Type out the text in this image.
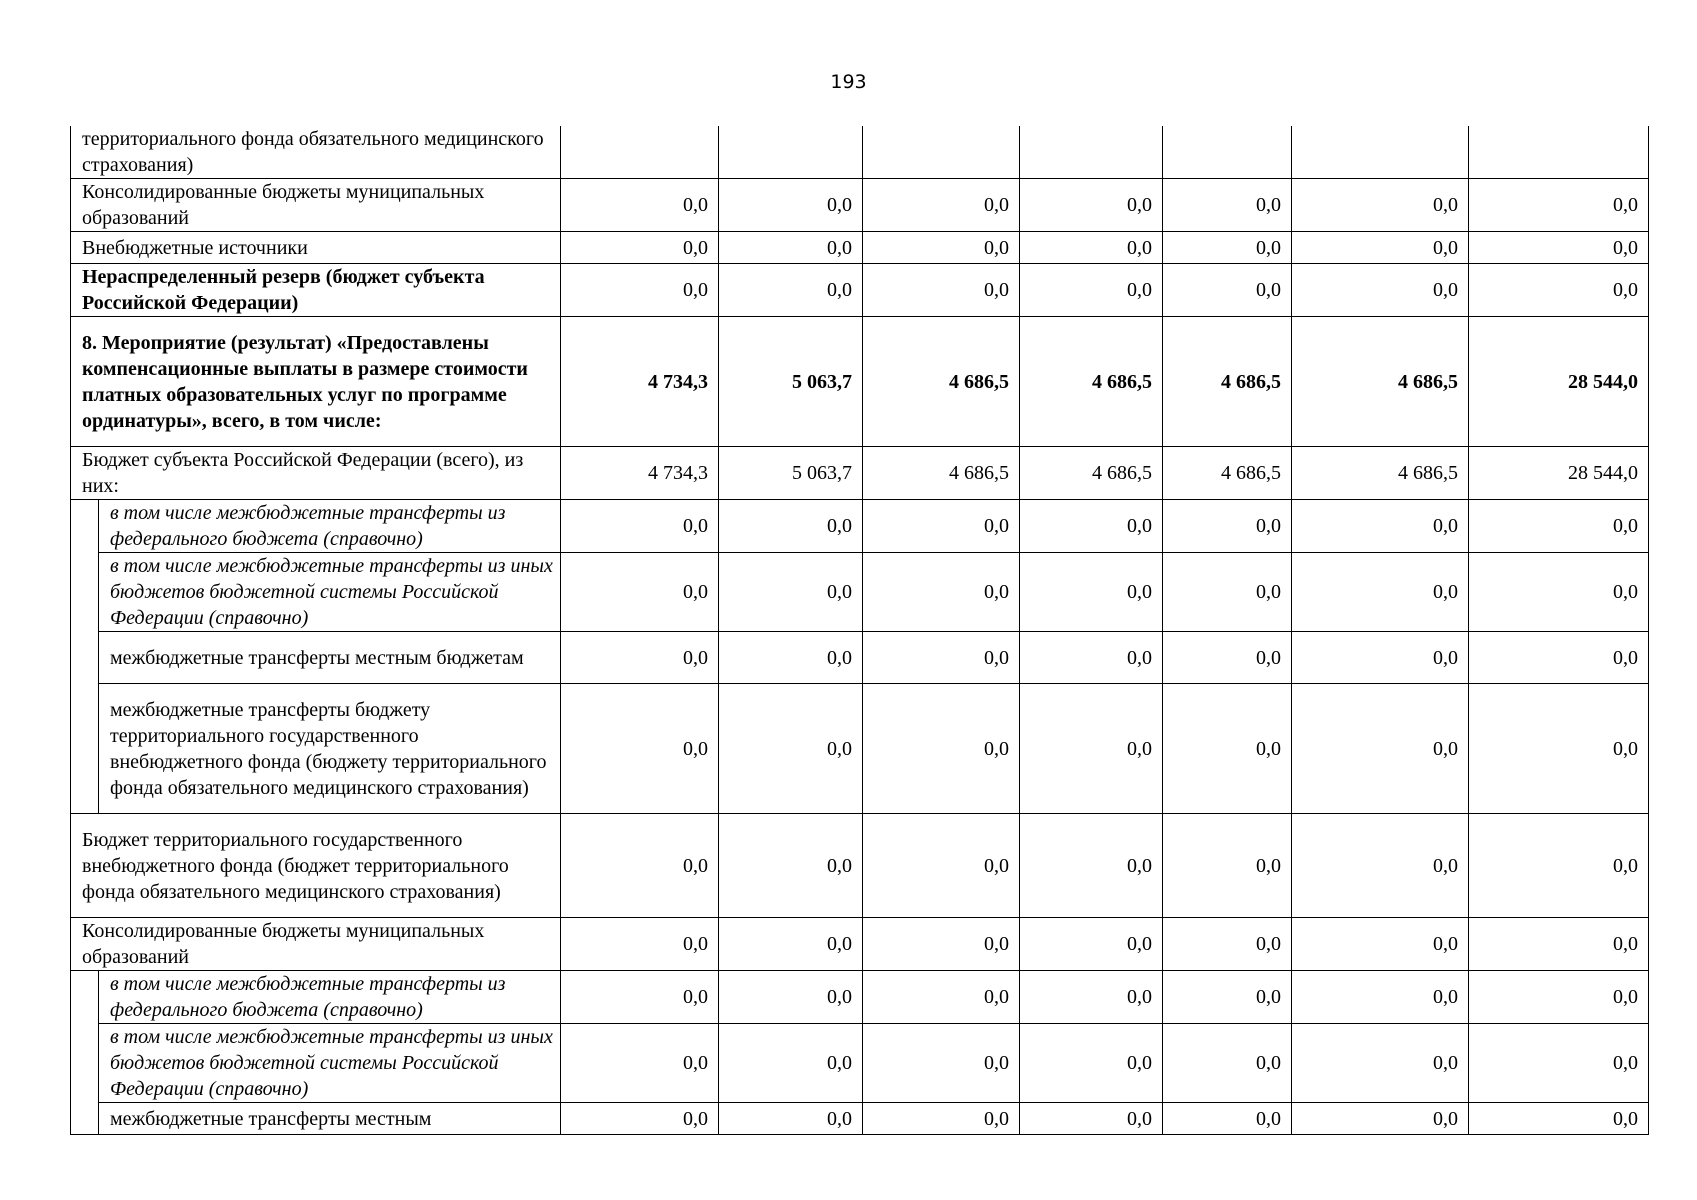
193
территориального фонда обязательного медицинского страхования)								
Консолидированные бюджеты муниципальных образований		0,0	0,0	0,0	0,0	0,0	0,0	0,0
Внебюджетные источники		0,0	0,0	0,0	0,0	0,0	0,0	0,0
Нераспределенный резерв (бюджет субъекта Российской Федерации)		0,0	0,0	0,0	0,0	0,0	0,0	0,0
8. Мероприятие (результат) «Предоставлены компенсационные выплаты в размере стоимости платных образовательных услуг по программе ординатуры», всего, в том числе:		4 734,3	5 063,7	4 686,5	4 686,5	4 686,5	4 686,5	28 544,0
Бюджет субъекта Российской Федерации (всего), из них:		4 734,3	5 063,7	4 686,5	4 686,5	4 686,5	4 686,5	28 544,0
	в том числе межбюджетные трансферты из федерального бюджета (справочно)	0,0	0,0	0,0	0,0	0,0	0,0	0,0
	в том числе межбюджетные трансферты из иных бюджетов бюджетной системы Российской Федерации (справочно)	0,0	0,0	0,0	0,0	0,0	0,0	0,0
	межбюджетные трансферты местным бюджетам	0,0	0,0	0,0	0,0	0,0	0,0	0,0
	межбюджетные трансферты бюджету территориального государственного внебюджетного фонда (бюджету территориального фонда обязательного медицинского страхования)	0,0	0,0	0,0	0,0	0,0	0,0	0,0
Бюджет территориального государственного внебюджетного фонда (бюджет территориального фонда обязательного медицинского страхования)		0,0	0,0	0,0	0,0	0,0	0,0	0,0
Консолидированные бюджеты муниципальных образований		0,0	0,0	0,0	0,0	0,0	0,0	0,0
	в том числе межбюджетные трансферты из федерального бюджета (справочно)	0,0	0,0	0,0	0,0	0,0	0,0	0,0
	в том числе межбюджетные трансферты из иных бюджетов бюджетной системы Российской Федерации (справочно)	0,0	0,0	0,0	0,0	0,0	0,0	0,0
	межбюджетные трансферты местным	0,0	0,0	0,0	0,0	0,0	0,0	0,0
